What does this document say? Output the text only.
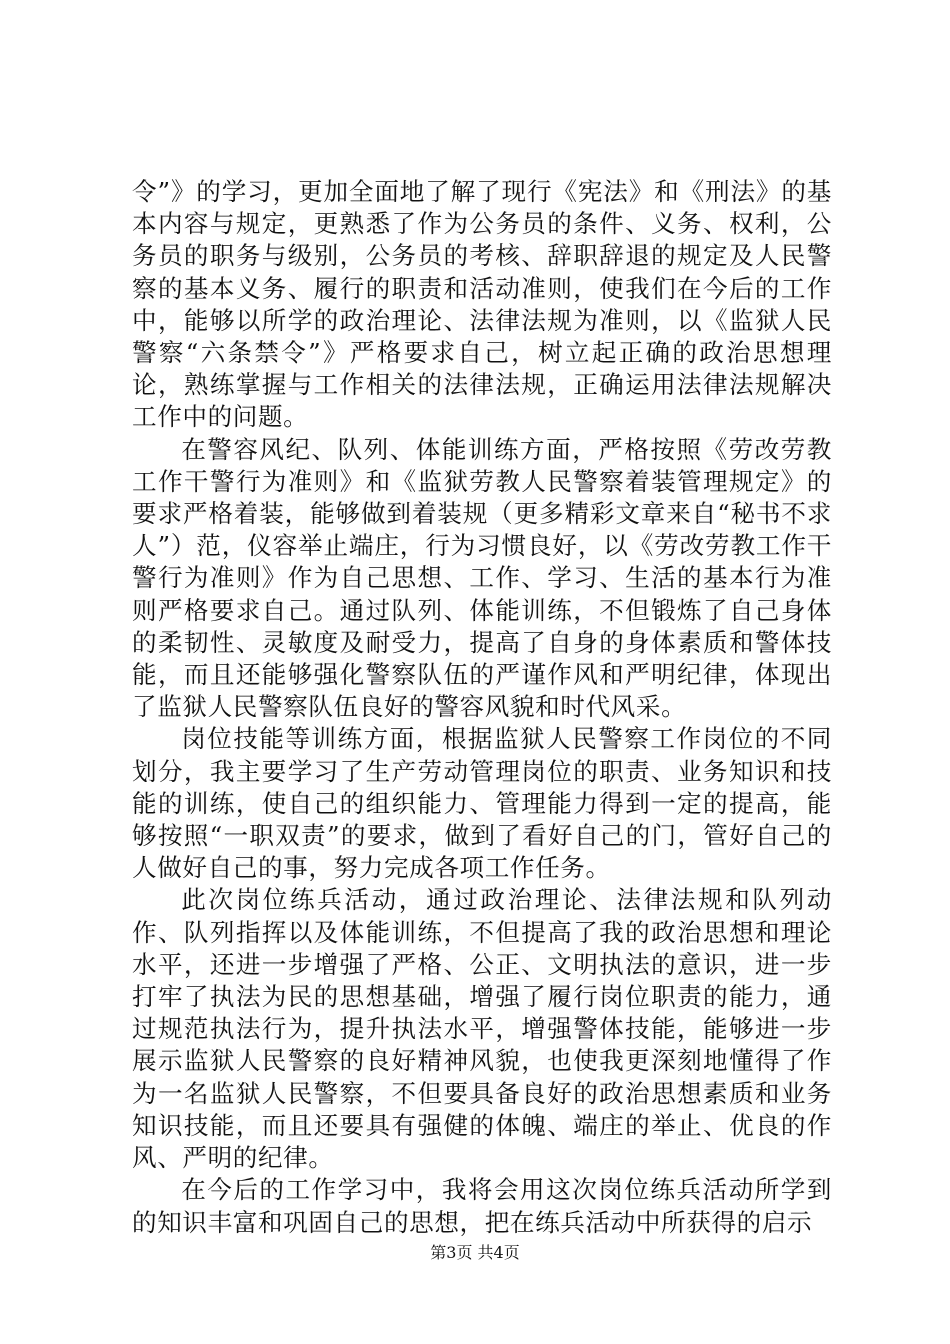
令”》的学习，更加全面地了解了现行《宪法》和《刑法》的基本内容与规定，更熟悉了作为公务员的条件、义务、权利，公务员的职务与级别，公务员的考核、辞职辞退的规定及人民警察的基本义务、履行的职责和活动准则，使我们在今后的工作中，能够以所学的政治理论、法律法规为准则，以《监狱人民警察“六条禁令”》严格要求自己，树立起正确的政治思想理论，熟练掌握与工作相关的法律法规，正确运用法律法规解决工作中的问题。

在警容风纪、队列、体能训练方面，严格按照《劳改劳教工作干警行为准则》和《监狱劳教人民警察着装管理规定》的要求严格着装，能够做到着装规（更多精彩文章来自“秘书不求人”）范，仪容举止端庄，行为习惯良好，以《劳改劳教工作干警行为准则》作为自己思想、工作、学习、生活的基本行为准则严格要求自己。通过队列、体能训练，不但锻炼了自己身体的柔韧性、灵敏度及耐受力，提高了自身的身体素质和警体技能，而且还能够强化警察队伍的严谨作风和严明纪律，体现出了监狱人民警察队伍良好的警容风貌和时代风采。

岗位技能等训练方面，根据监狱人民警察工作岗位的不同划分，我主要学习了生产劳动管理岗位的职责、业务知识和技能的训练，使自己的组织能力、管理能力得到一定的提高，能够按照“一职双责”的要求，做到了看好自己的门，管好自己的人做好自己的事，努力完成各项工作任务。

此次岗位练兵活动，通过政治理论、法律法规和队列动作、队列指挥以及体能训练，不但提高了我的政治思想和理论水平，还进一步增强了严格、公正、文明执法的意识，进一步打牢了执法为民的思想基础，增强了履行岗位职责的能力，通过规范执法行为，提升执法水平，增强警体技能，能够进一步展示监狱人民警察的良好精神风貌，也使我更深刻地懂得了作为一名监狱人民警察，不但要具备良好的政治思想素质和业务知识技能，而且还要具有强健的体魄、端庄的举止、优良的作风、严明的纪律。

在今后的工作学习中，我将会用这次岗位练兵活动所学到的知识丰富和巩固自己的思想，把在练兵活动中所获得的启示

第3页 共4页
